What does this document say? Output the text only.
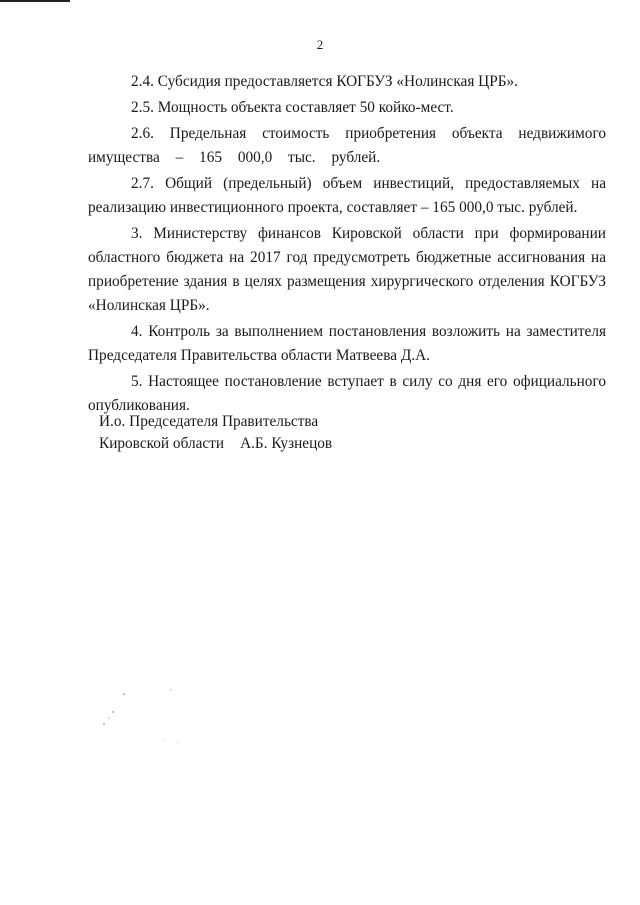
2

2.4. Субсидия предоставляется КОГБУЗ «Нолинская ЦРБ».

2.5. Мощность объекта составляет 50 койко-мест.

2.6. Предельная стоимость приобретения объекта недвижимого имущества – 165 000,0 тыс. рублей.

2.7. Общий (предельный) объем инвестиций, предоставляемых на реализацию инвестиционного проекта, составляет – 165 000,0 тыс. рублей.

3. Министерству финансов Кировской области при формировании областного бюджета на 2017 год предусмотреть бюджетные ассигнования на приобретение здания в целях размещения хирургического отделения КОГБУЗ «Нолинская ЦРБ».

4. Контроль за выполнением постановления возложить на заместителя Председателя Правительства области Матвеева Д.А.

5. Настоящее постановление вступает в силу со дня его официального опубликования.

И.о. Председателя Правительства
Кировской области А.Б. Кузнецов
